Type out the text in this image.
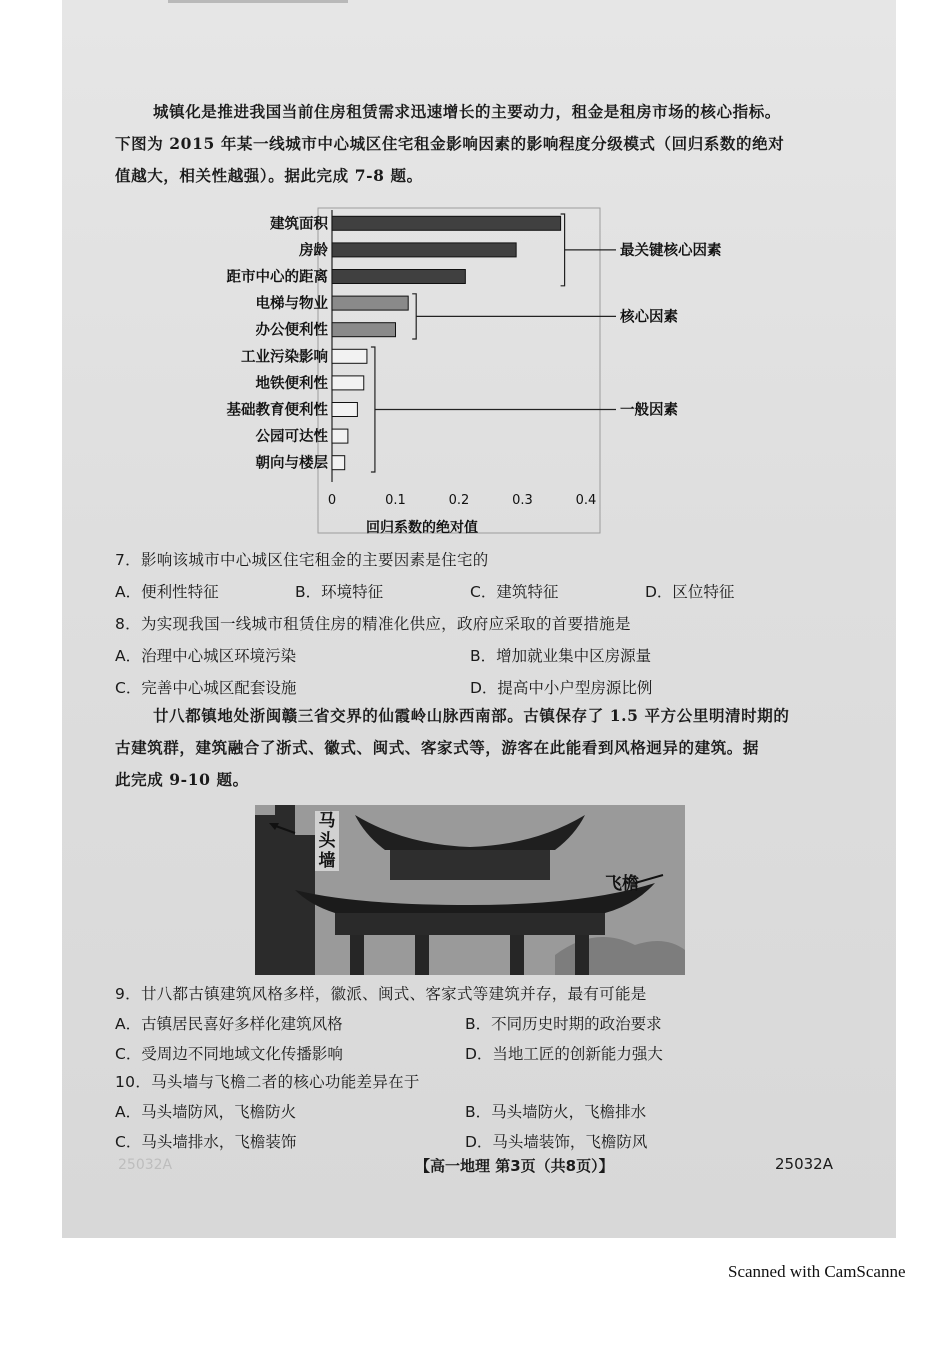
城镇化是推进我国当前住房租赁需求迅速增长的主要动力，租金是租房市场的核心指标。
下图为 2015 年某一线城市中心城区住宅租金影响因素的影响程度分级模式（回归系数的绝对
值越大，相关性越强）。据此完成 7-8 题。
建筑面积
房龄
距市中心的距离
电梯与物业
办公便利性
工业污染影响
地铁便利性
基础教育便利性
公园可达性
朝向与楼层
0	0.1	0.2	0.3	0.4
回归系数的绝对值
最关键核心因素
核心因素
一般因素
7．影响该城市中心城区住宅租金的主要因素是住宅的
A．便利性特征	B．环境特征	C．建筑特征	D．区位特征
8．为实现我国一线城市租赁住房的精准化供应，政府应采取的首要措施是
A．治理中心城区环境污染	B．增加就业集中区房源量
C．完善中心城区配套设施	D．提高中小户型房源比例
廿八都镇地处浙闽赣三省交界的仙霞岭山脉西南部。古镇保存了 1.5 平方公里明清时期的
古建筑群，建筑融合了浙式、徽式、闽式、客家式等，游客在此能看到风格迥异的建筑。据
此完成 9-10 题。
马头墙
飞檐
9．廿八都古镇建筑风格多样，徽派、闽式、客家式等建筑并存，最有可能是
A．古镇居民喜好多样化建筑风格	B．不同历史时期的政治要求
C．受周边不同地域文化传播影响	D．当地工匠的创新能力强大
10．马头墙与飞檐二者的核心功能差异在于
A．马头墙防风，飞檐防火	B．马头墙防火，飞檐排水
C．马头墙排水，飞檐装饰	D．马头墙装饰，飞檐防风
25032A	【高一地理 第3页（共8页）】	25032A
Scanned with CamScanne
